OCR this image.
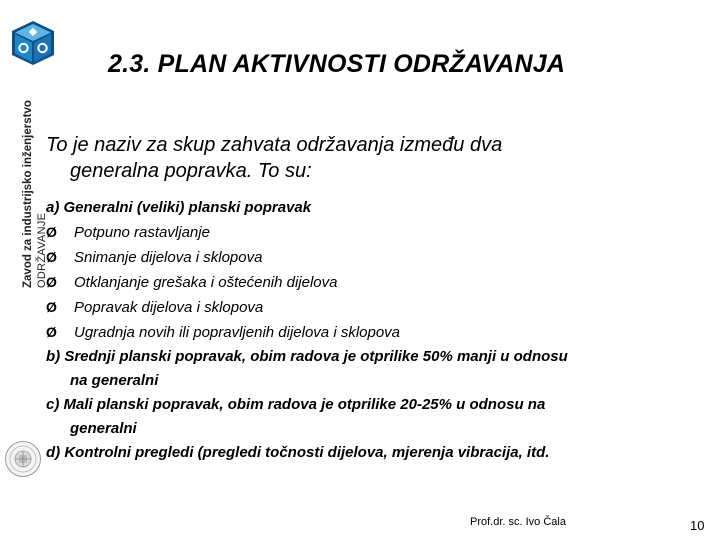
Zavod za industrijsko inženjerstvo ODRŽAVANJE
2.3. PLAN AKTIVNOSTI ODRŽAVANJA
To je naziv za skup zahvata održavanja između dva
generalna popravka. To su:
a) Generalni (veliki) planski popravak
Ø Potpuno rastavljanje
Ø Snimanje dijelova i sklopova
Ø Otklanjanje grešaka i oštećenih dijelova
Ø Popravak dijelova i sklopova
Ø Ugradnja novih ili popravljenih dijelova i sklopova
b) Srednji planski popravak, obim radova je otprilike 50% manji u odnosu
na generalni
c) Mali planski popravak, obim radova je otprilike 20-25% u odnosu na
generalni
d) Kontrolni pregledi (pregledi točnosti dijelova, mjerenja vibracija, itd.
Prof.dr. sc. Ivo Čala	10
